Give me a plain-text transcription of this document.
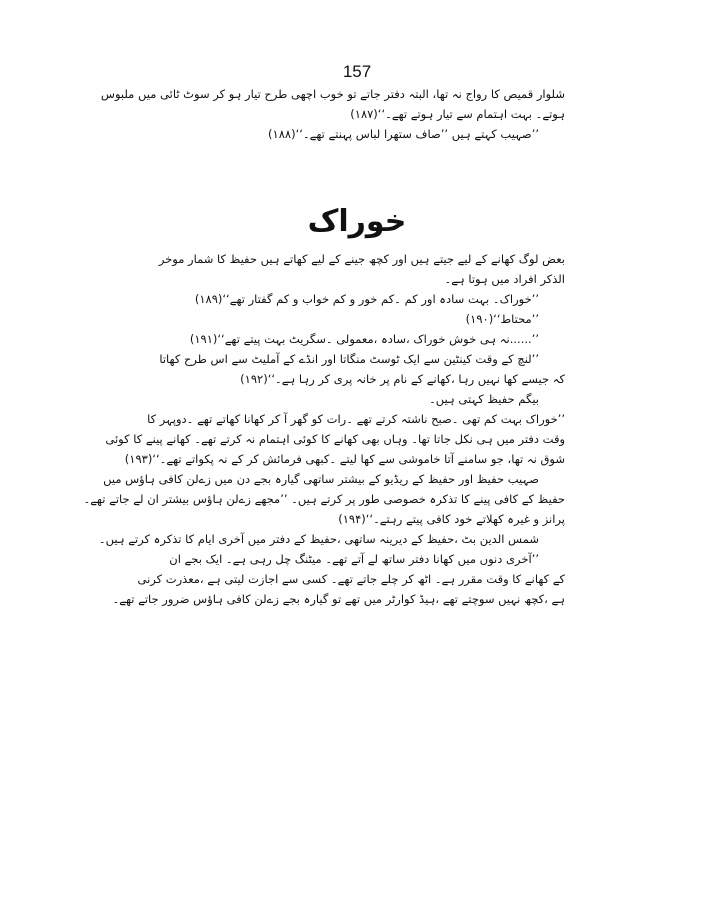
157
شلوار قمیص کا رواج نہ تھا، البتہ دفتر جاتے تو خوب اچھی طرح تیار ہو کر سوٹ ٹائی میں ملبوس
ہوتے۔ بہت اہتمام سے تیار ہوتے تھے۔‘‘(۱۸۷)
’’صہیب کہتے ہیں ’’صاف ستھرا لباس پہنتے تھے۔‘‘(۱۸۸)
خوراک
بعض لوگ کھانے کے لیے جیتے ہیں اور کچھ جینے کے لیے کھاتے ہیں حفیظ کا شمار موخر
الذکر افراد میں ہوتا ہے۔
’’خوراک۔ بہت سادہ اور کم ۔کم خور و کم خواب و کم گفتار تھے‘‘(۱۸۹)
’’محتاط‘‘(۱۹۰)
’’......نہ ہی خوش خوراک ،سادہ ،معمولی ۔سگریٹ بہت پیتے تھے‘‘(۱۹۱)
’’لنچ کے وقت کینٹین سے ایک ٹوسٹ منگاتا اور انڈے کے آملیٹ سے اس طرح کھاتا
کہ جیسے کھا نہیں رہا ،کھانے کے نام پر خانہ پری کر رہا ہے۔‘‘(۱۹۲)
بیگم حفیظ کہتی ہیں۔
’’خوراک بہت کم تھی ۔صبح ناشتہ کرتے تھے ۔رات کو گھر آ کر کھانا کھاتے تھے ۔دوپہر کا
وقت دفتر میں ہی نکل جاتا تھا۔ وہاں بھی کھانے کا کوئی اہتمام نہ کرتے تھے۔ کھانے پینے کا کوئی
شوق نہ تھا، جو سامنے آتا خاموشی سے کھا لیتے ۔کبھی فرمائش کر کے نہ پکواتے تھے۔‘‘(۱۹۳)
صہیب حفیظ اور حفیظ کے ریڈیو کے بیشتر ساتھی گیارہ بجے دن میں زےلن کافی ہاؤس میں
حفیظ کے کافی پینے کا تذکرہ خصوصی طور پر کرتے ہیں۔ ’’مجھے زےلن ہاؤس بیشتر ان لے جاتے تھے۔
پرانز و غیرہ کھلاتے خود کافی پیتے رہتے۔‘‘(۱۹۴)
شمس الدین بٹ ،حفیظ کے دیرینہ ساتھی ،حفیظ کے دفتر میں آخری ایام کا تذکرہ کرتے ہیں۔
’’آخری دنوں میں کھانا دفتر ساتھ لے آتے تھے۔ میٹنگ چل رہی ہے۔ ایک بجے ان
کے کھانے کا وقت مقرر ہے۔ اٹھ کر چلے جاتے تھے۔ کسی سے اجازت لیتی ہے ،معذرت کرنی
ہے ،کچھ نہیں سوچتے تھے ،ہیڈ کوارٹر میں تھے تو گیارہ بجے زےلن کافی ہاؤس ضرور جاتے تھے۔
